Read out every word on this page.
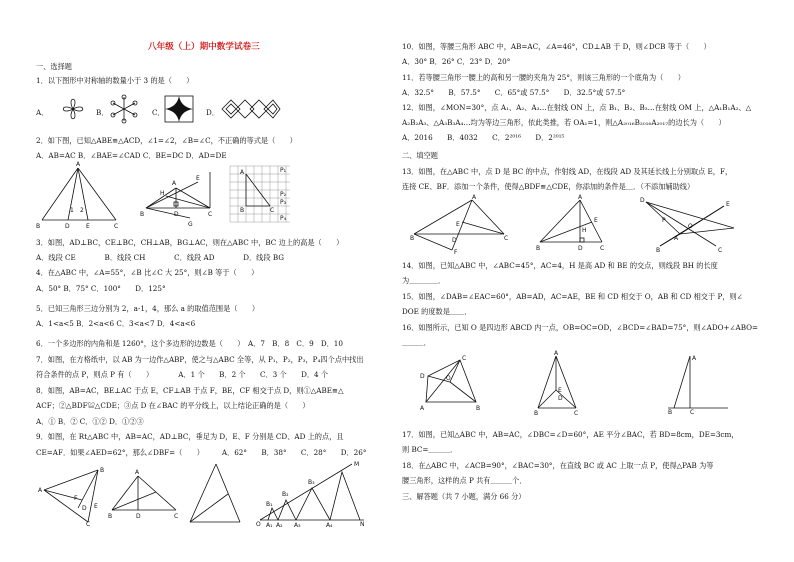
八年级（上）期中数学试卷三
一、选择题
1．以下图形中对称轴的数量小于 3 的是（　　）
A．	B．	C．	D．
2．如下图，已知△ABE≌△ACD，∠1=∠2，∠B=∠C，不正确的等式是（　　）
A．AB=AC B．∠BAE=∠CAD C．BE=DC D．AD=DE
A
B	D	E	C
1 2
A
H
E
B	D	C
G
A
B	C
P₁
P₂
P₃
P₄
3．如图，AD⊥BC，CE⊥BC，CH⊥AB，BG⊥AC，则在△ABC 中，BC 边上的高是（　　）
A．线段 CE　　　　B．线段 CH　　　　C．线段 AD　　　　D．线段 BG
4．在△ABC 中，∠A=55°，∠B 比∠C 大 25°，则∠B 等于（　　）
A．50° B．75° C．100°　　D．125°
5．已知三角形三边分别为 2，a-1，4，那么 a 的取值范围是（　　）
A．1<a<5 B．2<a<6 C．3<a<7 D．4<a<6
6．一个多边形的内角和是 1260°，这个多边形的边数是（　　）　A．7　B．8　C．9　D．10
7．如图，在方格纸中，以 AB 为一边作△ABP，使之与△ABC 全等，从 P₁，P₂，P₃，P₄四个点中找出
符合条件的点 P，则点 P 有（　　）　　　　A．1 个　　B．2 个　　C．3 个　　D．4 个
8．如图，AB=AC，BE⊥AC 于点 E，CF⊥AB 于点 F，BE，CF 相交于点 D，则①△ABE≌△
ACF；②△BDF≌△CDE；③点 D 在∠BAC 的平分线上，以上结论正确的是（　　）
A．① B．② C．①② D．①②③
9．如图，在 Rt△ABC 中，AB=AC，AD⊥BC，垂足为 D，E、F 分别是 CD、AD 上的点，且
CE=AF．如果∠AED=62°，那么∠DBF=（　　）　　　A．62°　　B．38°　　C．28°　　D．26°
A
F
B
D E
C
A
B	D	C
M
N
O A₁ A₂ A₃	A₄
B₁
B₂
B₃
10．如图，等腰三角形 ABC 中，AB=AC，∠A=46°，CD⊥AB 于 D，则∠DCB 等于（　　）
A．30° B．26° C．23° D．20°
11．若等腰三角形一腰上的高和另一腰的夹角为 25°，则该三角形的一个底角为（　　）
A．32.5°　　B．57.5°　　C．65°或 57.5°　　D．32.5°或 57.5°
12．如图，∠MON=30°，点 A₁、A₂、A₃…在射线 ON 上，点 B₁、B₂、B₃…在射线 OM 上，△A₁B₁A₂、△
A₂B₂A₃、△A₃B₃A₄…均为等边三角形，依此类推，若 OA₁=1，则△A₂₀₁₆B₂₀₁₆A₂₀₁₇的边长为（　　）
A．2016　　B．4032　　C．2²⁰¹⁶　　D．2²⁰¹⁵
二、填空题
13．如图，在△ABC 中，点 D 是 BC 的中点，作射线 AD，在线段 AD 及其延长线上分别取点 E，F，
连接 CE、BF．添加一个条件，使得△BDF≌△CDE，你添加的条件是＿．（不添加辅助线）
A
E
B	D	C
F
A
E
H
B	D	C
D
E
A
P
O
B	C
14．如图，已知△ABC 中，∠ABC=45°，AC=4，H 是高 AD 和 BE 的交点，则线段 BH 的长度
为＿＿＿＿．
15．如图，∠DAB=∠EAC=60°，AB=AD，AC=AE，BE 和 CD 相交于 O，AB 和 CD 相交于 P，则∠
DOE 的度数是＿＿．
16．如图所示，已知 O 是四边形 ABCD 内一点，OB=OC=OD，∠BCD=∠BAD=75°，则∠ADO+∠ABO=
＿＿＿．
D
A
O
B
C
A
E
B
D
C
A
B	C
17．如图，已知△ABC 中，AB=AC，∠DBC=∠D=60°，AE 平分∠BAC，若 BD=8cm，DE=3cm，
则 BC=＿＿＿．
18．在△ABC 中，∠ACB=90°，∠BAC=30°，在直线 BC 或 AC 上取一点 P，使得△PAB 为等
腰三角形，这样的点 P 共有＿＿＿个．
三、解答题（共 7 小题，满分 66 分）
